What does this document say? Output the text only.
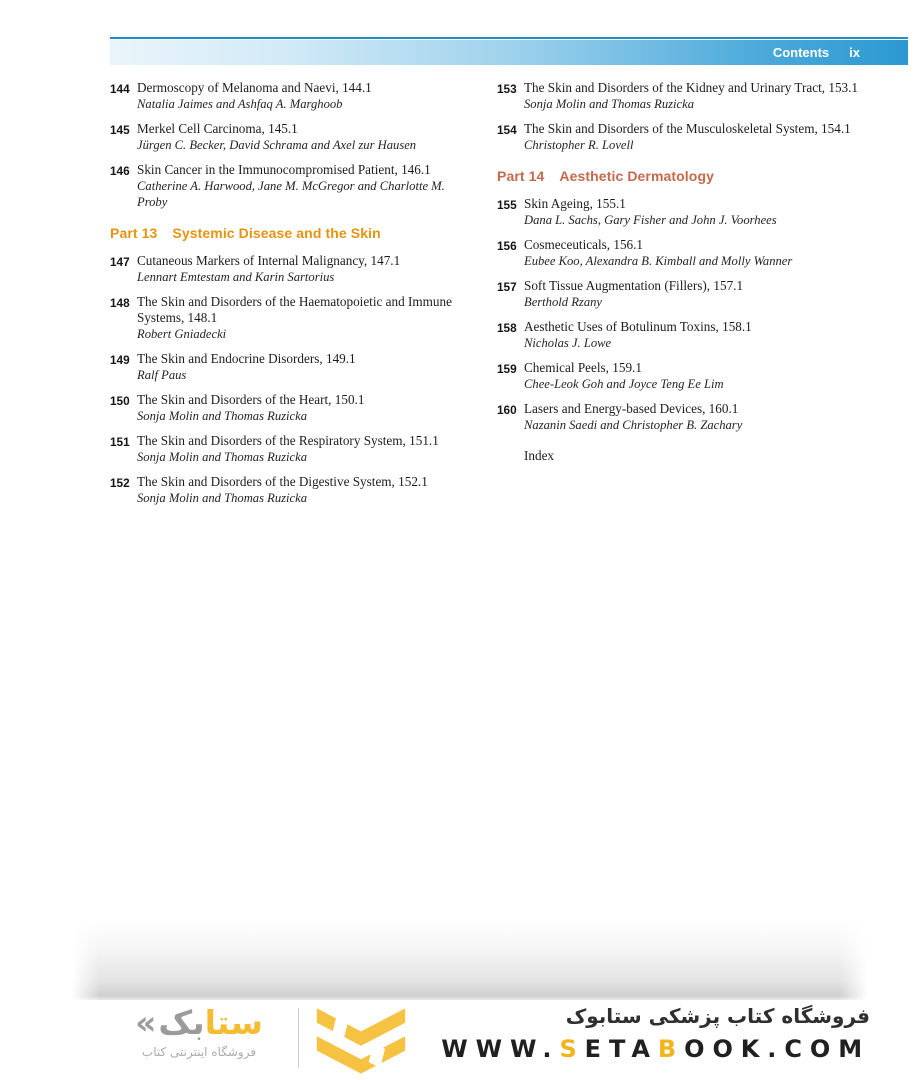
Contents ix
144 Dermoscopy of Melanoma and Naevi, 144.1
Natalia Jaimes and Ashfaq A. Marghoob
145 Merkel Cell Carcinoma, 145.1
Jürgen C. Becker, David Schrama and Axel zur Hausen
146 Skin Cancer in the Immunocompromised Patient, 146.1
Catherine A. Harwood, Jane M. McGregor and Charlotte M. Proby
Part 13 Systemic Disease and the Skin
147 Cutaneous Markers of Internal Malignancy, 147.1
Lennart Emtestam and Karin Sartorius
148 The Skin and Disorders of the Haematopoietic and Immune Systems, 148.1
Robert Gniadecki
149 The Skin and Endocrine Disorders, 149.1
Ralf Paus
150 The Skin and Disorders of the Heart, 150.1
Sonja Molin and Thomas Ruzicka
151 The Skin and Disorders of the Respiratory System, 151.1
Sonja Molin and Thomas Ruzicka
152 The Skin and Disorders of the Digestive System, 152.1
Sonja Molin and Thomas Ruzicka
153 The Skin and Disorders of the Kidney and Urinary Tract, 153.1
Sonja Molin and Thomas Ruzicka
154 The Skin and Disorders of the Musculoskeletal System, 154.1
Christopher R. Lovell
Part 14 Aesthetic Dermatology
155 Skin Ageing, 155.1
Dana L. Sachs, Gary Fisher and John J. Voorhees
156 Cosmeceuticals, 156.1
Eubee Koo, Alexandra B. Kimball and Molly Wanner
157 Soft Tissue Augmentation (Fillers), 157.1
Berthold Rzany
158 Aesthetic Uses of Botulinum Toxins, 158.1
Nicholas J. Lowe
159 Chemical Peels, 159.1
Chee-Leok Goh and Joyce Teng Ee Lim
160 Lasers and Energy-based Devices, 160.1
Nazanin Saedi and Christopher B. Zachary
Index
« ستابک
فروشگاه اینترنتی کتاب
فروشگاه کتاب پزشکی ستابوک
WWW.SETABOOK.COM
